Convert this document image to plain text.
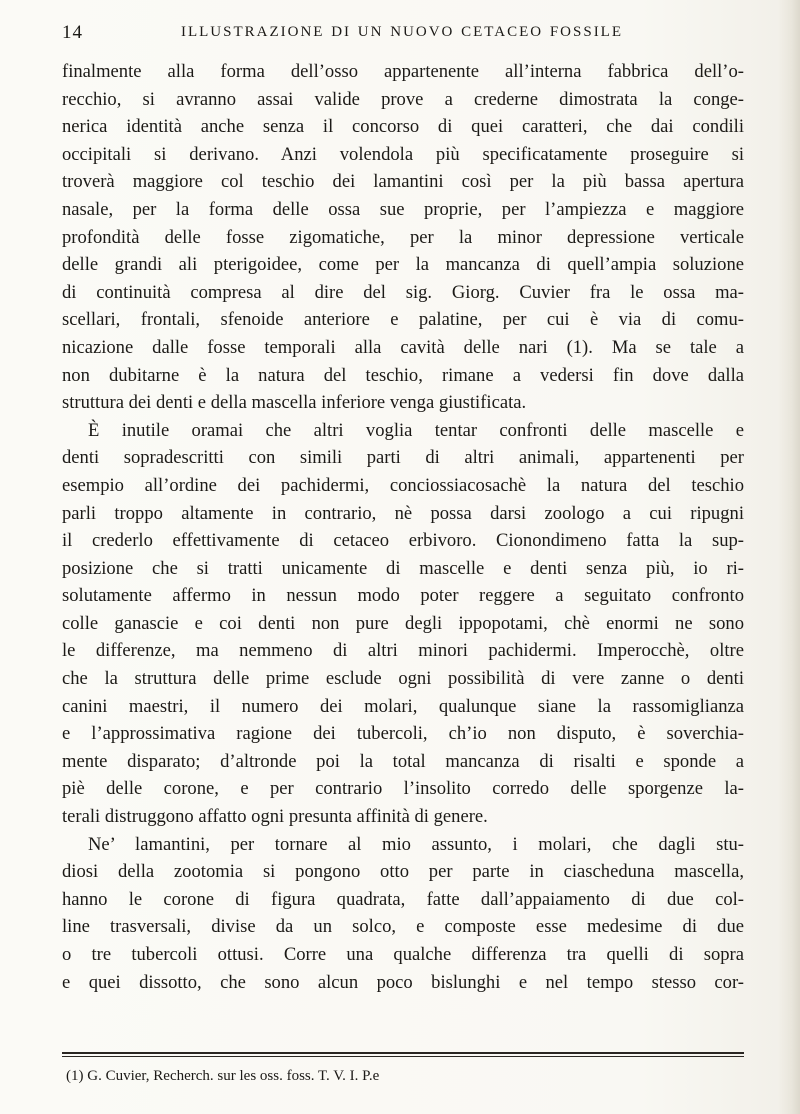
14	ILLUSTRAZIONE DI UN NUOVO CETACEO FOSSILE
finalmente alla forma dell’osso appartenente all’interna fabbrica dell’o-
recchio, si avranno assai valide prove a crederne dimostrata la conge-
nerica identità anche senza il concorso di quei caratteri, che dai condili
occipitali si derivano. Anzi volendola più specificatamente proseguire si
troverà maggiore col teschio dei lamantini così per la più bassa apertura
nasale, per la forma delle ossa sue proprie, per l’ampiezza e maggiore
profondità delle fosse zigomatiche, per la minor depressione verticale
delle grandi ali pterigoidee, come per la mancanza di quell’ampia soluzione
di continuità compresa al dire del sig. Giorg. Cuvier fra le ossa ma-
scellari, frontali, sfenoide anteriore e palatine, per cui è via di comu-
nicazione dalle fosse temporali alla cavità delle nari (1). Ma se tale a
non dubitarne è la natura del teschio, rimane a vedersi fin dove dalla
struttura dei denti e della mascella inferiore venga giustificata.
È inutile oramai che altri voglia tentar confronti delle mascelle e
denti sopradescritti con simili parti di altri animali, appartenenti per
esempio all’ordine dei pachidermi, conciossiacosachè la natura del teschio
parli troppo altamente in contrario, nè possa darsi zoologo a cui ripugni
il crederlo effettivamente di cetaceo erbivoro. Cionondimeno fatta la sup-
posizione che si tratti unicamente di mascelle e denti senza più, io ri-
solutamente affermo in nessun modo poter reggere a seguitato confronto
colle ganascie e coi denti non pure degli ippopotami, chè enormi ne sono
le differenze, ma nemmeno di altri minori pachidermi. Imperocchè, oltre
che la struttura delle prime esclude ogni possibilità di vere zanne o denti
canini maestri, il numero dei molari, qualunque siane la rassomiglianza
e l’approssimativa ragione dei tubercoli, ch’io non disputo, è soverchia-
mente disparato; d’altronde poi la total mancanza di risalti e sponde a
piè delle corone, e per contrario l’insolito corredo delle sporgenze la-
terali distruggono affatto ogni presunta affinità di genere.
Ne’ lamantini, per tornare al mio assunto, i molari, che dagli stu-
diosi della zootomia si pongono otto per parte in ciascheduna mascella,
hanno le corone di figura quadrata, fatte dall’appaiamento di due col-
line trasversali, divise da un solco, e composte esse medesime di due
o tre tubercoli ottusi. Corre una qualche differenza tra quelli di sopra
e quei dissotto, che sono alcun poco bislunghi e nel tempo stesso cor-
(1) G. Cuvier, Recherch. sur les oss. foss. T. V. I. P.e
